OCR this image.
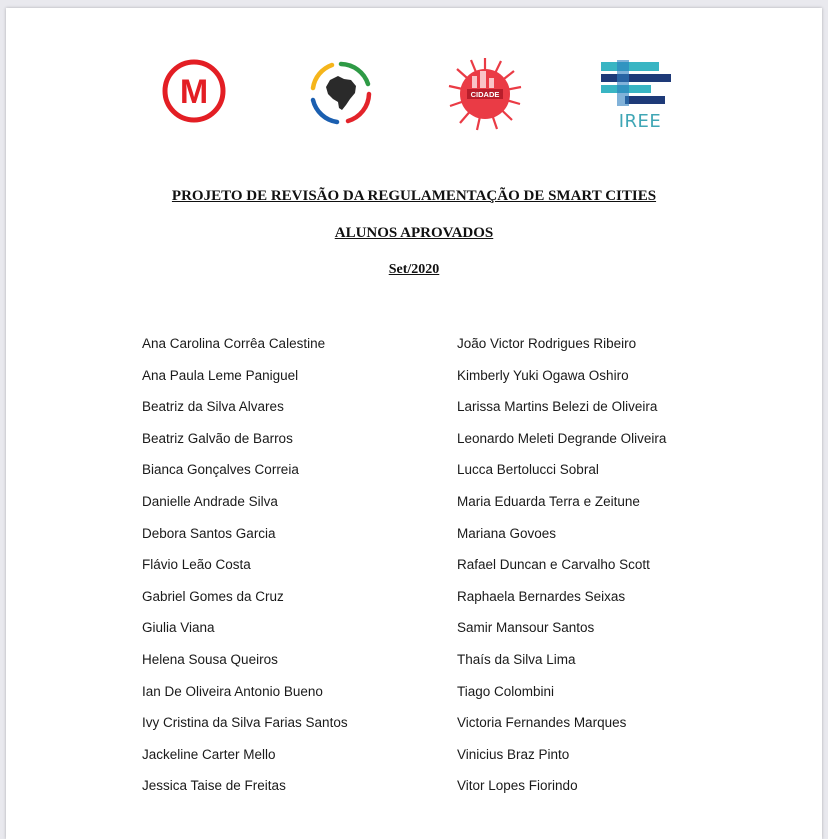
M	CIDADE
IREE
PROJETO DE REVISÃO DA REGULAMENTAÇÃO DE SMART CITIES
ALUNOS APROVADOS
Set/2020
Ana Carolina Corrêa Calestine
Ana Paula Leme Paniguel
Beatriz da Silva Alvares
Beatriz Galvão de Barros
Bianca Gonçalves Correia
Danielle Andrade Silva
Debora Santos Garcia
Flávio Leão Costa
Gabriel Gomes da Cruz
Giulia Viana
Helena Sousa Queiros
Ian De Oliveira Antonio Bueno
Ivy Cristina da Silva Farias Santos
Jackeline Carter Mello
Jessica Taise de Freitas
João Victor Rodrigues Ribeiro
Kimberly Yuki Ogawa Oshiro
Larissa Martins Belezi de Oliveira
Leonardo Meleti Degrande Oliveira
Lucca Bertolucci Sobral
Maria Eduarda Terra e Zeitune
Mariana Govoes
Rafael Duncan e Carvalho Scott
Raphaela Bernardes Seixas
Samir Mansour Santos
Thaís da Silva Lima
Tiago Colombini
Victoria Fernandes Marques
Vinicius Braz Pinto
Vitor Lopes Fiorindo
